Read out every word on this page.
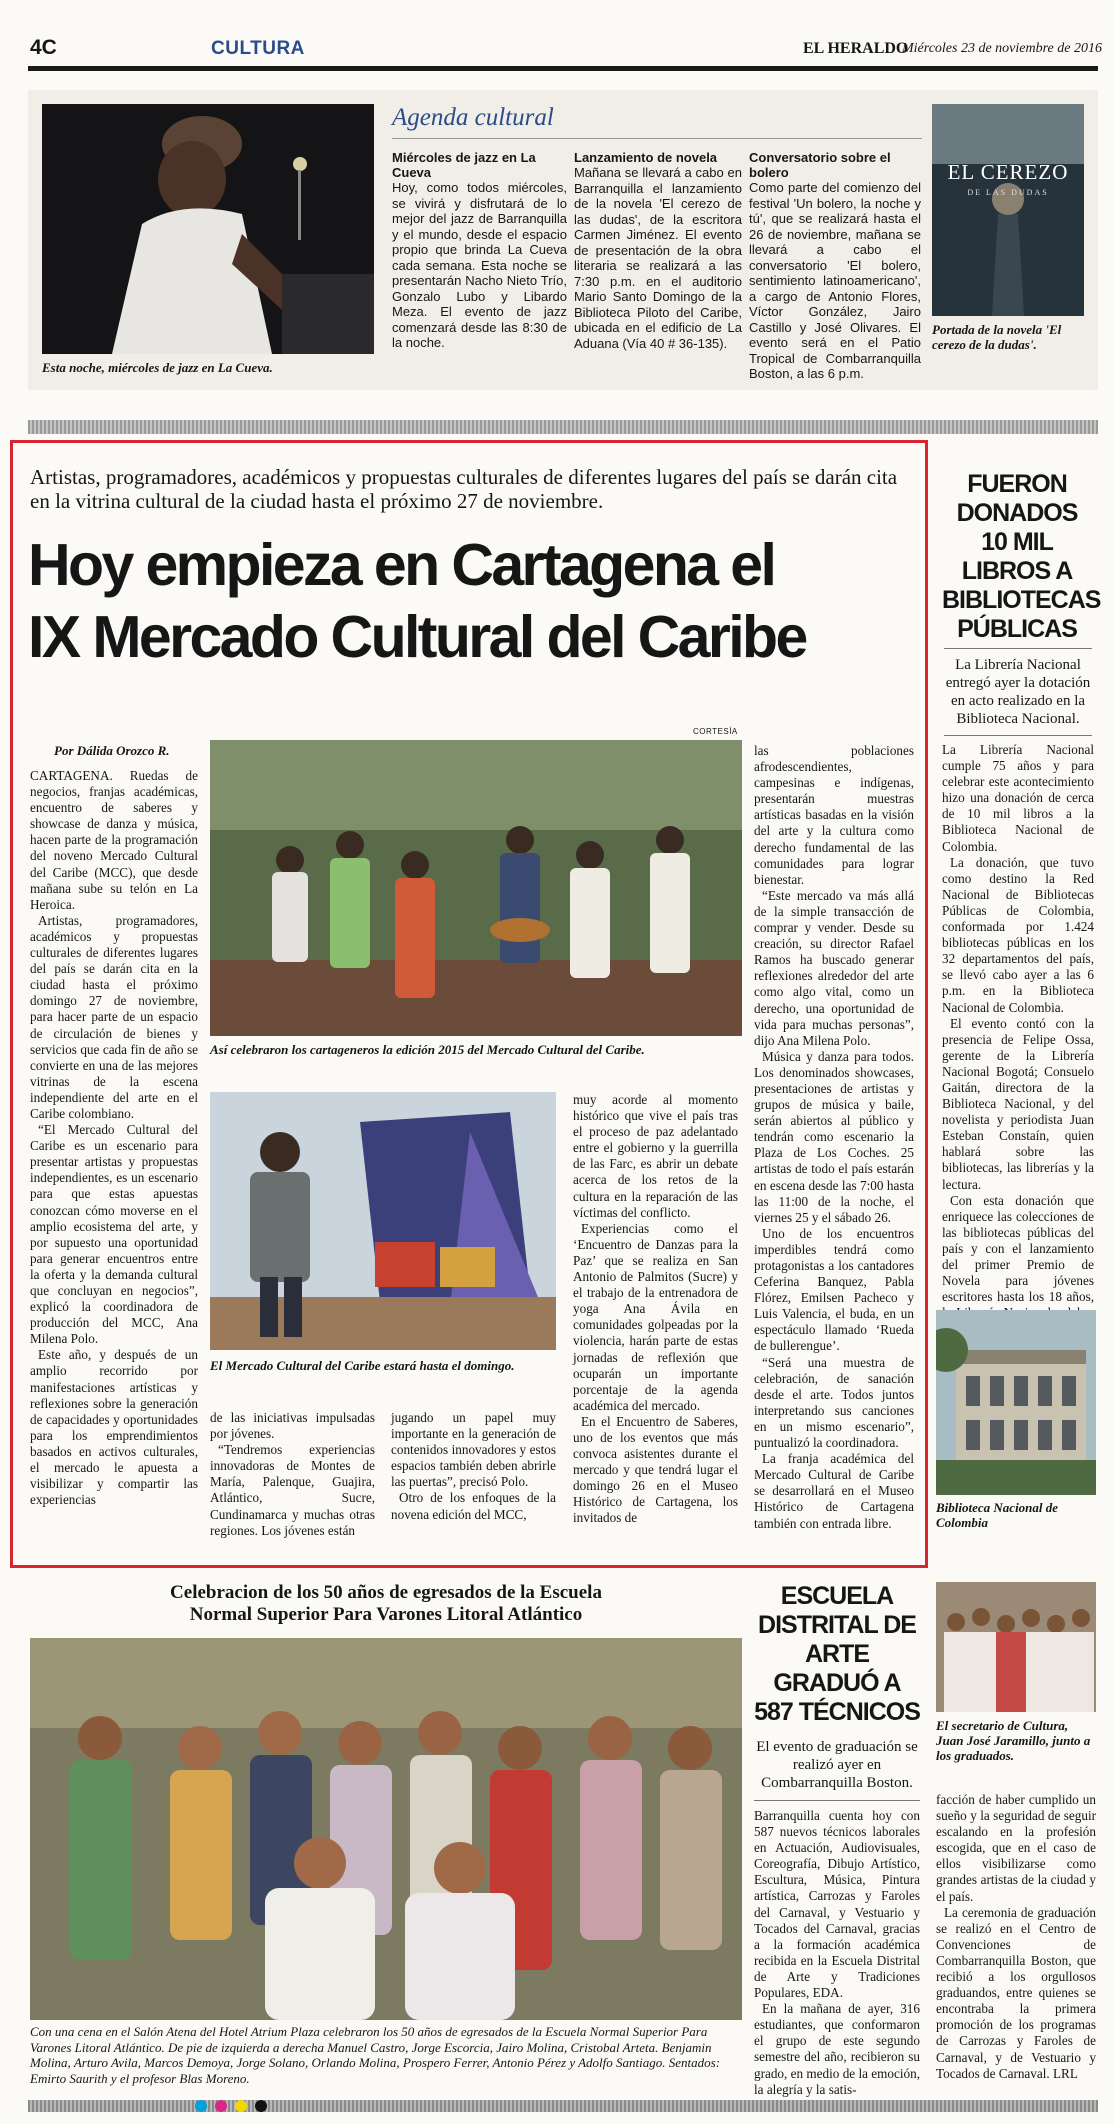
4C	CULTURA	EL HERALDO
Miércoles 23 de noviembre de 2016
Esta noche, miércoles de jazz en La Cueva.
Agenda cultural
Miércoles de jazz en La Cueva
Hoy, como todos miércoles, se vivirá y disfrutará de lo mejor del jazz de Barranquilla y el mundo, desde el espacio propio que brinda La Cueva cada semana. Esta noche se presentarán Nacho Nieto Trío, Gonzalo Lubo y Libardo Meza. El evento de jazz comenzará desde las 8:30 de la noche.
Lanzamiento de novela
Mañana se llevará a cabo en Barranquilla el lanzamiento de la novela 'El cerezo de las dudas', de la escritora Carmen Jiménez. El evento de presentación de la obra literaria se realizará a las 7:30 p.m. en el auditorio Mario Santo Domingo de la Biblioteca Piloto del Caribe, ubicada en el edificio de La Aduana (Vía 40 # 36-135).
Conversatorio sobre el bolero
Como parte del comienzo del festival 'Un bolero, la noche y tú', que se realizará hasta el 26 de noviembre, mañana se llevará a cabo el conversatorio 'El bolero, sentimiento latinoamericano', a cargo de Antonio Flores, Víctor González, Jairo Castillo y José Olivares. El evento será en el Patio Tropical de Combarranquilla Boston, a las 6 p.m.
EL CEREZO
DE LAS DUDAS
Portada de la novela 'El cerezo de la dudas'.
Artistas, programadores, académicos y propuestas culturales de diferentes lugares del país se darán cita en la vitrina cultural de la ciudad hasta el próximo 27 de noviembre.
Hoy empieza en Cartagena el
IX Mercado Cultural del Caribe
Por Dálida Orozco R.

CARTAGENA. Ruedas de negocios, franjas académicas, encuentro de saberes y showcase de danza y música, hacen parte de la programación del noveno Mercado Cultural del Caribe (MCC), que desde mañana sube su telón en La Heroica.

Artistas, programadores, académicos y propuestas culturales de diferentes lugares del país se darán cita en la ciudad hasta el próximo domingo 27 de noviembre, para hacer parte de un espacio de circulación de bienes y servicios que cada fin de año se convierte en una de las mejores vitrinas de la escena independiente del arte en el Caribe colombiano.

“El Mercado Cultural del Caribe es un escenario para presentar artistas y propuestas independientes, es un escenario para que estas apuestas conozcan cómo moverse en el amplio ecosistema del arte, y por supuesto una oportunidad para generar encuentros entre la oferta y la demanda cultural que concluyan en negocios”, explicó la coordinadora de producción del MCC, Ana Milena Polo.

Este año, y después de un amplio recorrido por manifestaciones artísticas y reflexiones sobre la generación de capacidades y oportunidades para los emprendimientos basados en activos culturales, el mercado le apuesta a visibilizar y compartir las experiencias

CORTESÍA
Así celebraron los cartageneros la edición 2015 del Mercado Cultural del Caribe.
El Mercado Cultural del Caribe estará hasta el domingo.

de las iniciativas impulsadas por jóvenes.

“Tendremos experiencias innovadoras de Montes de María, Palenque, Guajira, Atlántico, Sucre, Cundinamarca y muchas otras regiones. Los jóvenes están

jugando un papel muy importante en la generación de contenidos innovadores y estos espacios también deben abrirle las puertas”, precisó Polo.

Otro de los enfoques de la novena edición del MCC,

muy acorde al momento histórico que vive el país tras el proceso de paz adelantado entre el gobierno y la guerrilla de las Farc, es abrir un debate acerca de los retos de la cultura en la reparación de las víctimas del conflicto.

Experiencias como el ‘Encuentro de Danzas para la Paz’ que se realiza en San Antonio de Palmitos (Sucre) y el trabajo de la entrenadora de yoga Ana Ávila en comunidades golpeadas por la violencia, harán parte de estas jornadas de reflexión que ocuparán un importante porcentaje de la agenda académica del mercado.

En el Encuentro de Saberes, uno de los eventos que más convoca asistentes durante el mercado y que tendrá lugar el domingo 26 en el Museo Histórico de Cartagena, los invitados de

las poblaciones afrodescendientes, campesinas e indígenas, presentarán muestras artísticas basadas en la visión del arte y la cultura como derecho fundamental de las comunidades para lograr bienestar.

“Este mercado va más allá de la simple transacción de comprar y vender. Desde su creación, su director Rafael Ramos ha buscado generar reflexiones alrededor del arte como algo vital, como un derecho, una oportunidad de vida para muchas personas”, dijo Ana Milena Polo.

Música y danza para todos. Los denominados showcases, presentaciones de artistas y grupos de música y baile, serán abiertos al público y tendrán como escenario la Plaza de Los Coches. 25 artistas de todo el país estarán en escena desde las 7:00 hasta las 11:00 de la noche, el viernes 25 y el sábado 26.

Uno de los encuentros imperdibles tendrá como protagonistas a los cantadores Ceferina Banquez, Pabla Flórez, Emilsen Pacheco y Luis Valencia, el buda, en un espectáculo llamado ‘Rueda de bullerengue’.

“Será una muestra de celebración, de sanación desde el arte. Todos juntos interpretando sus canciones en un mismo escenario”, puntualizó la coordinadora.

La franja académica del Mercado Cultural de Caribe se desarrollará en el Museo Histórico de Cartagena también con entrada libre.

FUERON DONADOS 10 MIL LIBROS A BIBLIOTECAS PÚBLICAS
La Librería Nacional entregó ayer la dotación en acto realizado en la Biblioteca Nacional.

La Librería Nacional cumple 75 años y para celebrar este acontecimiento hizo una donación de cerca de 10 mil libros a la Biblioteca Nacional de Colombia.

La donación, que tuvo como destino la Red Nacional de Bibliotecas Públicas de Colombia, conformada por 1.424 bibliotecas públicas en los 32 departamentos del país, se llevó cabo ayer a las 6 p.m. en la Biblioteca Nacional de Colombia.

El evento contó con la presencia de Felipe Ossa, gerente de la Librería Nacional Bogotá; Consuelo Gaitán, directora de la Biblioteca Nacional, y del novelista y periodista Juan Esteban Constaín, quien hablará sobre las bibliotecas, las librerías y la lectura.

Con esta donación que enriquece las colecciones de las bibliotecas públicas del país y con el lanzamiento del primer Premio de Novela para jóvenes escritores hasta los 18 años,

Biblioteca Nacional de Colombia
Celebracion de los 50 años de egresados de la Escuela
Normal Superior Para Varones Litoral Atlántico
Con una cena en el Salón Atena del Hotel Atrium Plaza celebraron los 50 años de egresados de la Escuela Normal Superior Para Varones Litoral Atlántico. De pie de izquierda a derecha Manuel Castro, Jorge Escorcia, Jairo Molina, Cristobal Arteta. Benjamin Molina, Arturo Avila, Marcos Demoya, Jorge Solano, Orlando Molina, Prospero Ferrer, Antonio Pérez y Adolfo Santiago. Sentados: Emirto Saurith y el profesor Blas Moreno.
ESCUELA DISTRITAL DE ARTE GRADUÓ A 587 TÉCNICOS
El evento de graduación se realizó ayer en Combarranquilla Boston.

Barranquilla cuenta hoy con 587 nuevos técnicos laborales en Actuación, Audiovisuales, Coreografía, Dibujo Artístico, Escultura, Música, Pintura artística, Carrozas y Faroles del Carnaval, y Vestuario y Tocados del Carnaval, gracias a la formación académica recibida en la Escuela Distrital de Arte y Tradiciones Populares, EDA.

En la mañana de ayer, 316 estudiantes, que conformaron el grupo de este segundo semestre del año, recibieron su grado, en medio de la emoción, la alegría y la satis-

El secretario de Cultura, Juan José Jaramillo, junto a los graduados.

facción de haber cumplido un sueño y la seguridad de seguir escalando en la profesión escogida, que en el caso de ellos visibilizarse como grandes artistas de la ciudad y el país.

La ceremonia de graduación se realizó en el Centro de Convenciones de Combarranquilla Boston, que recibió a los orgullosos graduandos, entre quienes se encontraba la primera promoción de los programas de Carrozas y Faroles de Carnaval, y de Vestuario y Tocados de Carnaval. LRL
